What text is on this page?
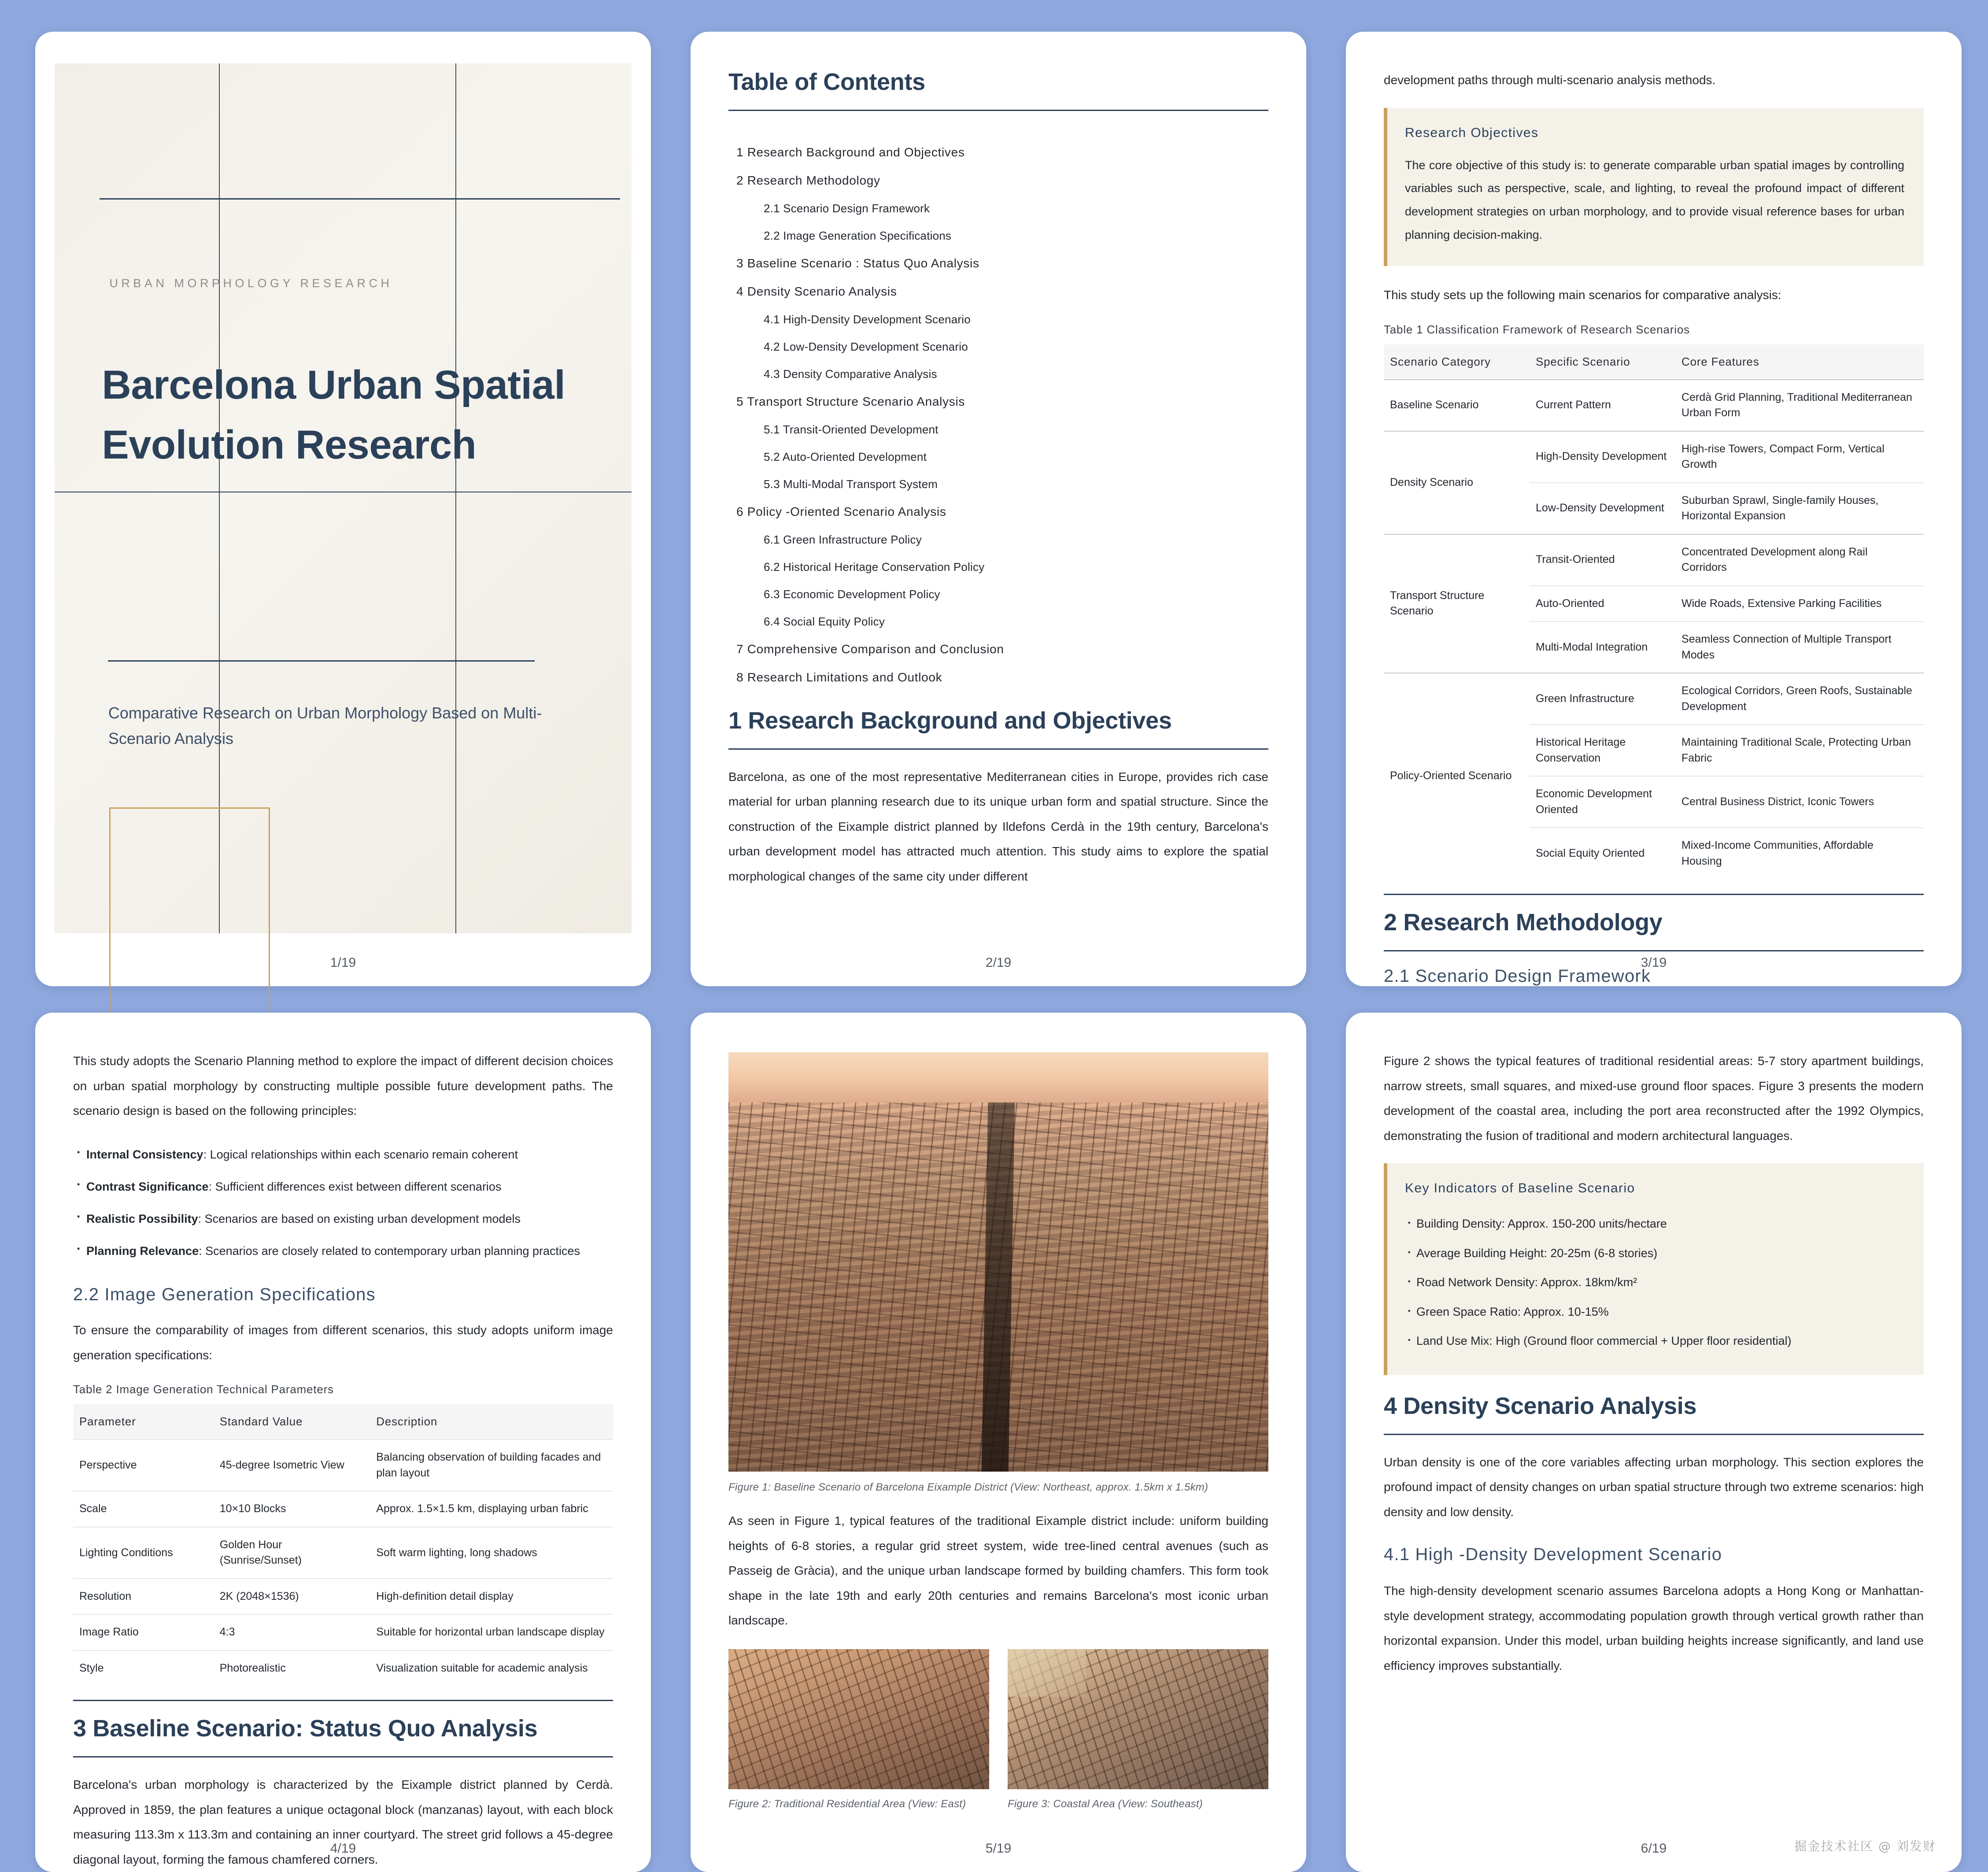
URBAN MORPHOLOGY RESEARCH
Barcelona Urban Spatial Evolution Research
Comparative Research on Urban Morphology Based on Multi-Scenario Analysis
1/19
Table of Contents
1 Research Background and Objectives
2 Research Methodology
2.1 Scenario Design Framework
2.2 Image Generation Specifications
3 Baseline Scenario : Status Quo Analysis
4 Density Scenario Analysis
4.1 High-Density Development Scenario
4.2 Low-Density Development Scenario
4.3 Density Comparative Analysis
5 Transport Structure Scenario Analysis
5.1 Transit-Oriented Development
5.2 Auto-Oriented Development
5.3 Multi-Modal Transport System
6 Policy -Oriented Scenario Analysis
6.1 Green Infrastructure Policy
6.2 Historical Heritage Conservation Policy
6.3 Economic Development Policy
6.4 Social Equity Policy
7 Comprehensive Comparison and Conclusion
8 Research Limitations and Outlook
1 Research Background and Objectives

Barcelona, as one of the most representative Mediterranean cities in Europe, provides rich case material for urban planning research due to its unique urban form and spatial structure. Since the construction of the Eixample district planned by Ildefons Cerdà in the 19th century, Barcelona's urban development model has attracted much attention. This study aims to explore the spatial morphological changes of the same city under different

2/19

development paths through multi-scenario analysis methods.

Research Objectives

The core objective of this study is: to generate comparable urban spatial images by controlling variables such as perspective, scale, and lighting, to reveal the profound impact of different development strategies on urban morphology, and to provide visual reference bases for urban planning decision-making.

This study sets up the following main scenarios for comparative analysis:

Table 1 Classification Framework of Research Scenarios
Scenario Category	Specific Scenario	Core Features
Baseline Scenario	Current Pattern	Cerdà Grid Planning, Traditional Mediterranean Urban Form
Density Scenario	High-Density Development	High-rise Towers, Compact Form, Vertical Growth
	Low-Density Development	Suburban Sprawl, Single-family Houses, Horizontal Expansion
Transport Structure Scenario	Transit-Oriented	Concentrated Development along Rail Corridors
	Auto-Oriented	Wide Roads, Extensive Parking Facilities
	Multi-Modal Integration	Seamless Connection of Multiple Transport Modes
Policy-Oriented Scenario	Green Infrastructure	Ecological Corridors, Green Roofs, Sustainable Development
	Historical Heritage Conservation	Maintaining Traditional Scale, Protecting Urban Fabric
	Economic Development Oriented	Central Business District, Iconic Towers
	Social Equity Oriented	Mixed-Income Communities, Affordable Housing
2 Research Methodology
2.1 Scenario Design Framework
3/19

This study adopts the Scenario Planning method to explore the impact of different decision choices on urban spatial morphology by constructing multiple possible future development paths. The scenario design is based on the following principles:

. Internal Consistency: Logical relationships within each scenario remain coherent
. Contrast Significance: Sufficient differences exist between different scenarios
. Realistic Possibility: Scenarios are based on existing urban development models
. Planning Relevance: Scenarios are closely related to contemporary urban planning practices
2.2 Image Generation Specifications

To ensure the comparability of images from different scenarios, this study adopts uniform image generation specifications:

Table 2 Image Generation Technical Parameters
Parameter	Standard Value	Description
Perspective	45-degree Isometric View	Balancing observation of building facades and plan layout
Scale	10×10 Blocks	Approx. 1.5×1.5 km, displaying urban fabric
Lighting Conditions	Golden Hour (Sunrise/Sunset)	Soft warm lighting, long shadows
Resolution	2K (2048×1536)	High-definition detail display
Image Ratio	4:3	Suitable for horizontal urban landscape display
Style	Photorealistic	Visualization suitable for academic analysis
3 Baseline Scenario: Status Quo Analysis

Barcelona's urban morphology is characterized by the Eixample district planned by Cerdà. Approved in 1859, the plan features a unique octagonal block (manzanas) layout, with each block measuring 113.3m x 113.3m and containing an inner courtyard. The street grid follows a 45-degree diagonal layout, forming the famous chamfered corners.

4/19
Figure 1: Baseline Scenario of Barcelona Eixample District (View: Northeast, approx. 1.5km x 1.5km)

As seen in Figure 1, typical features of the traditional Eixample district include: uniform building heights of 6-8 stories, a regular grid street system, wide tree-lined central avenues (such as Passeig de Gràcia), and the unique urban landscape formed by building chamfers. This form took shape in the late 19th and early 20th centuries and remains Barcelona's most iconic urban landscape.

Figure 2: Traditional Residential Area (View: East)	Figure 3: Coastal Area (View: Southeast)
5/19

Figure 2 shows the typical features of traditional residential areas: 5-7 story apartment buildings, narrow streets, small squares, and mixed-use ground floor spaces. Figure 3 presents the modern development of the coastal area, including the port area reconstructed after the 1992 Olympics, demonstrating the fusion of traditional and modern architectural languages.

Key Indicators of Baseline Scenario
. Building Density: Approx. 150-200 units/hectare
. Average Building Height: 20-25m (6-8 stories)
. Road Network Density: Approx. 18km/km²
. Green Space Ratio: Approx. 10-15%
. Land Use Mix: High (Ground floor commercial + Upper floor residential)
4 Density Scenario Analysis

Urban density is one of the core variables affecting urban morphology. This section explores the profound impact of density changes on urban spatial structure through two extreme scenarios: high density and low density.

4.1 High -Density Development Scenario

The high-density development scenario assumes Barcelona adopts a Hong Kong or Manhattan-style development strategy, accommodating population growth through vertical growth rather than horizontal expansion. Under this model, urban building heights increase significantly, and land use efficiency improves substantially.

6/19	掘金技术社区 @ 刘发财
